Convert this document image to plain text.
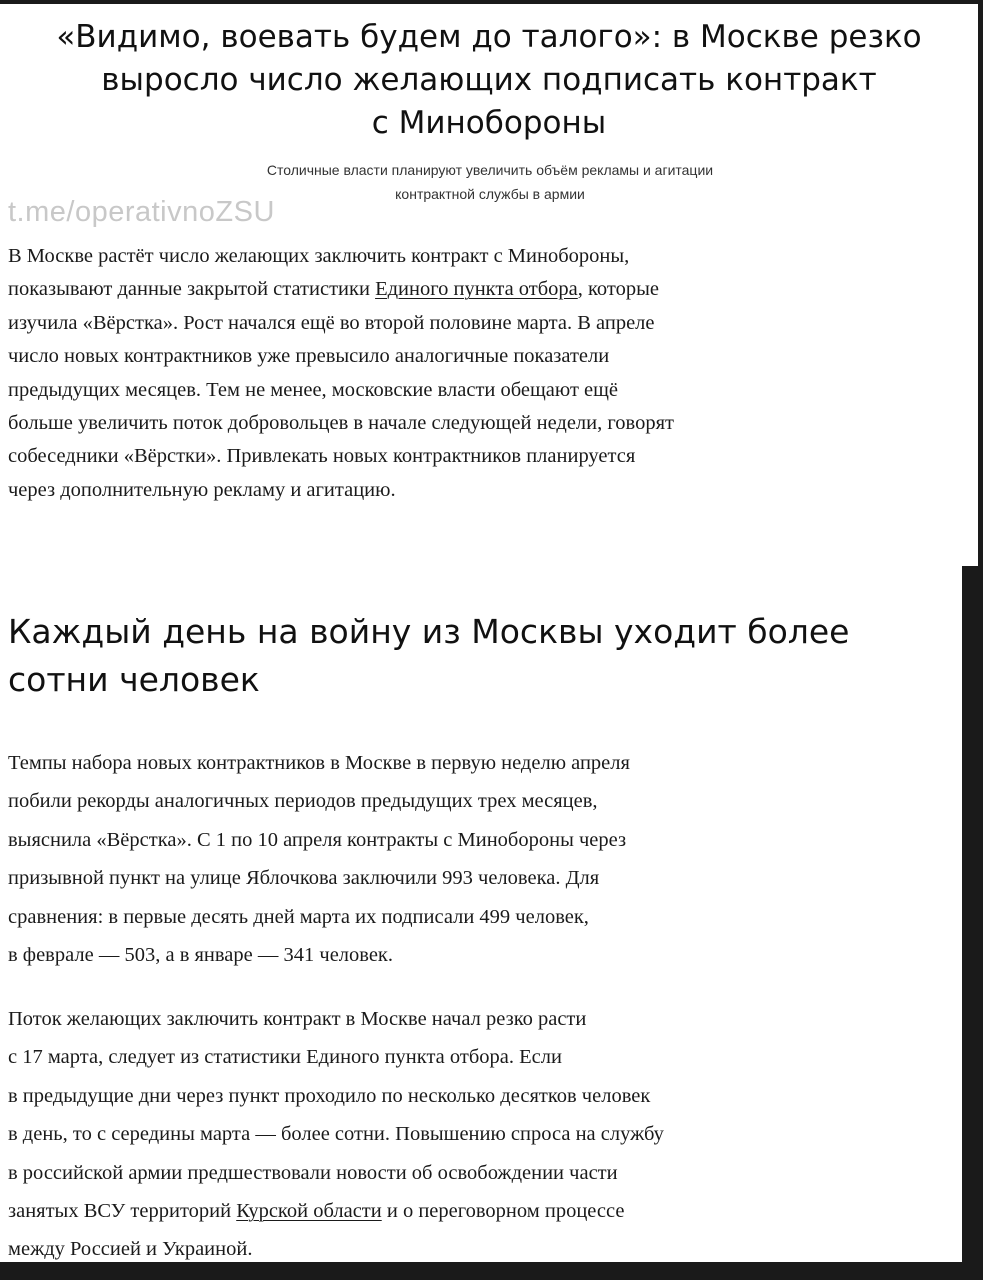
«Видимо, воевать будем до талого»: в Москве резко
выросло число желающих подписать контракт
с Минобороны

Столичные власти планируют увеличить объём рекламы и агитации
контрактной службы в армии

t.me/operativnoZSU

В Москве растёт число желающих заключить контракт с Минобороны,
показывают данные закрытой статистики Единого пункта отбора, которые
изучила «Вёрстка». Рост начался ещё во второй половине марта. В апреле
число новых контрактников уже превысило аналогичные показатели
предыдущих месяцев. Тем не менее, московские власти обещают ещё
больше увеличить поток добровольцев в начале следующей недели, говорят
собеседники «Вёрстки». Привлекать новых контрактников планируется
через дополнительную рекламу и агитацию.

Каждый день на войну из Москвы уходит более
сотни человек

Темпы набора новых контрактников в Москве в первую неделю апреля
побили рекорды аналогичных периодов предыдущих трех месяцев,
выяснила «Вёрстка». С 1 по 10 апреля контракты с Минобороны через
призывной пункт на улице Яблочкова заключили 993 человека. Для
сравнения: в первые десять дней марта их подписали 499 человек,
в феврале — 503, а в январе — 341 человек.

Поток желающих заключить контракт в Москве начал резко расти
с 17 марта, следует из статистики Единого пункта отбора. Если
в предыдущие дни через пункт проходило по несколько десятков человек
в день, то с середины марта — более сотни. Повышению спроса на службу
в российской армии предшествовали новости об освобождении части
занятых ВСУ территорий Курской области и о переговорном процессе
между Россией и Украиной.
